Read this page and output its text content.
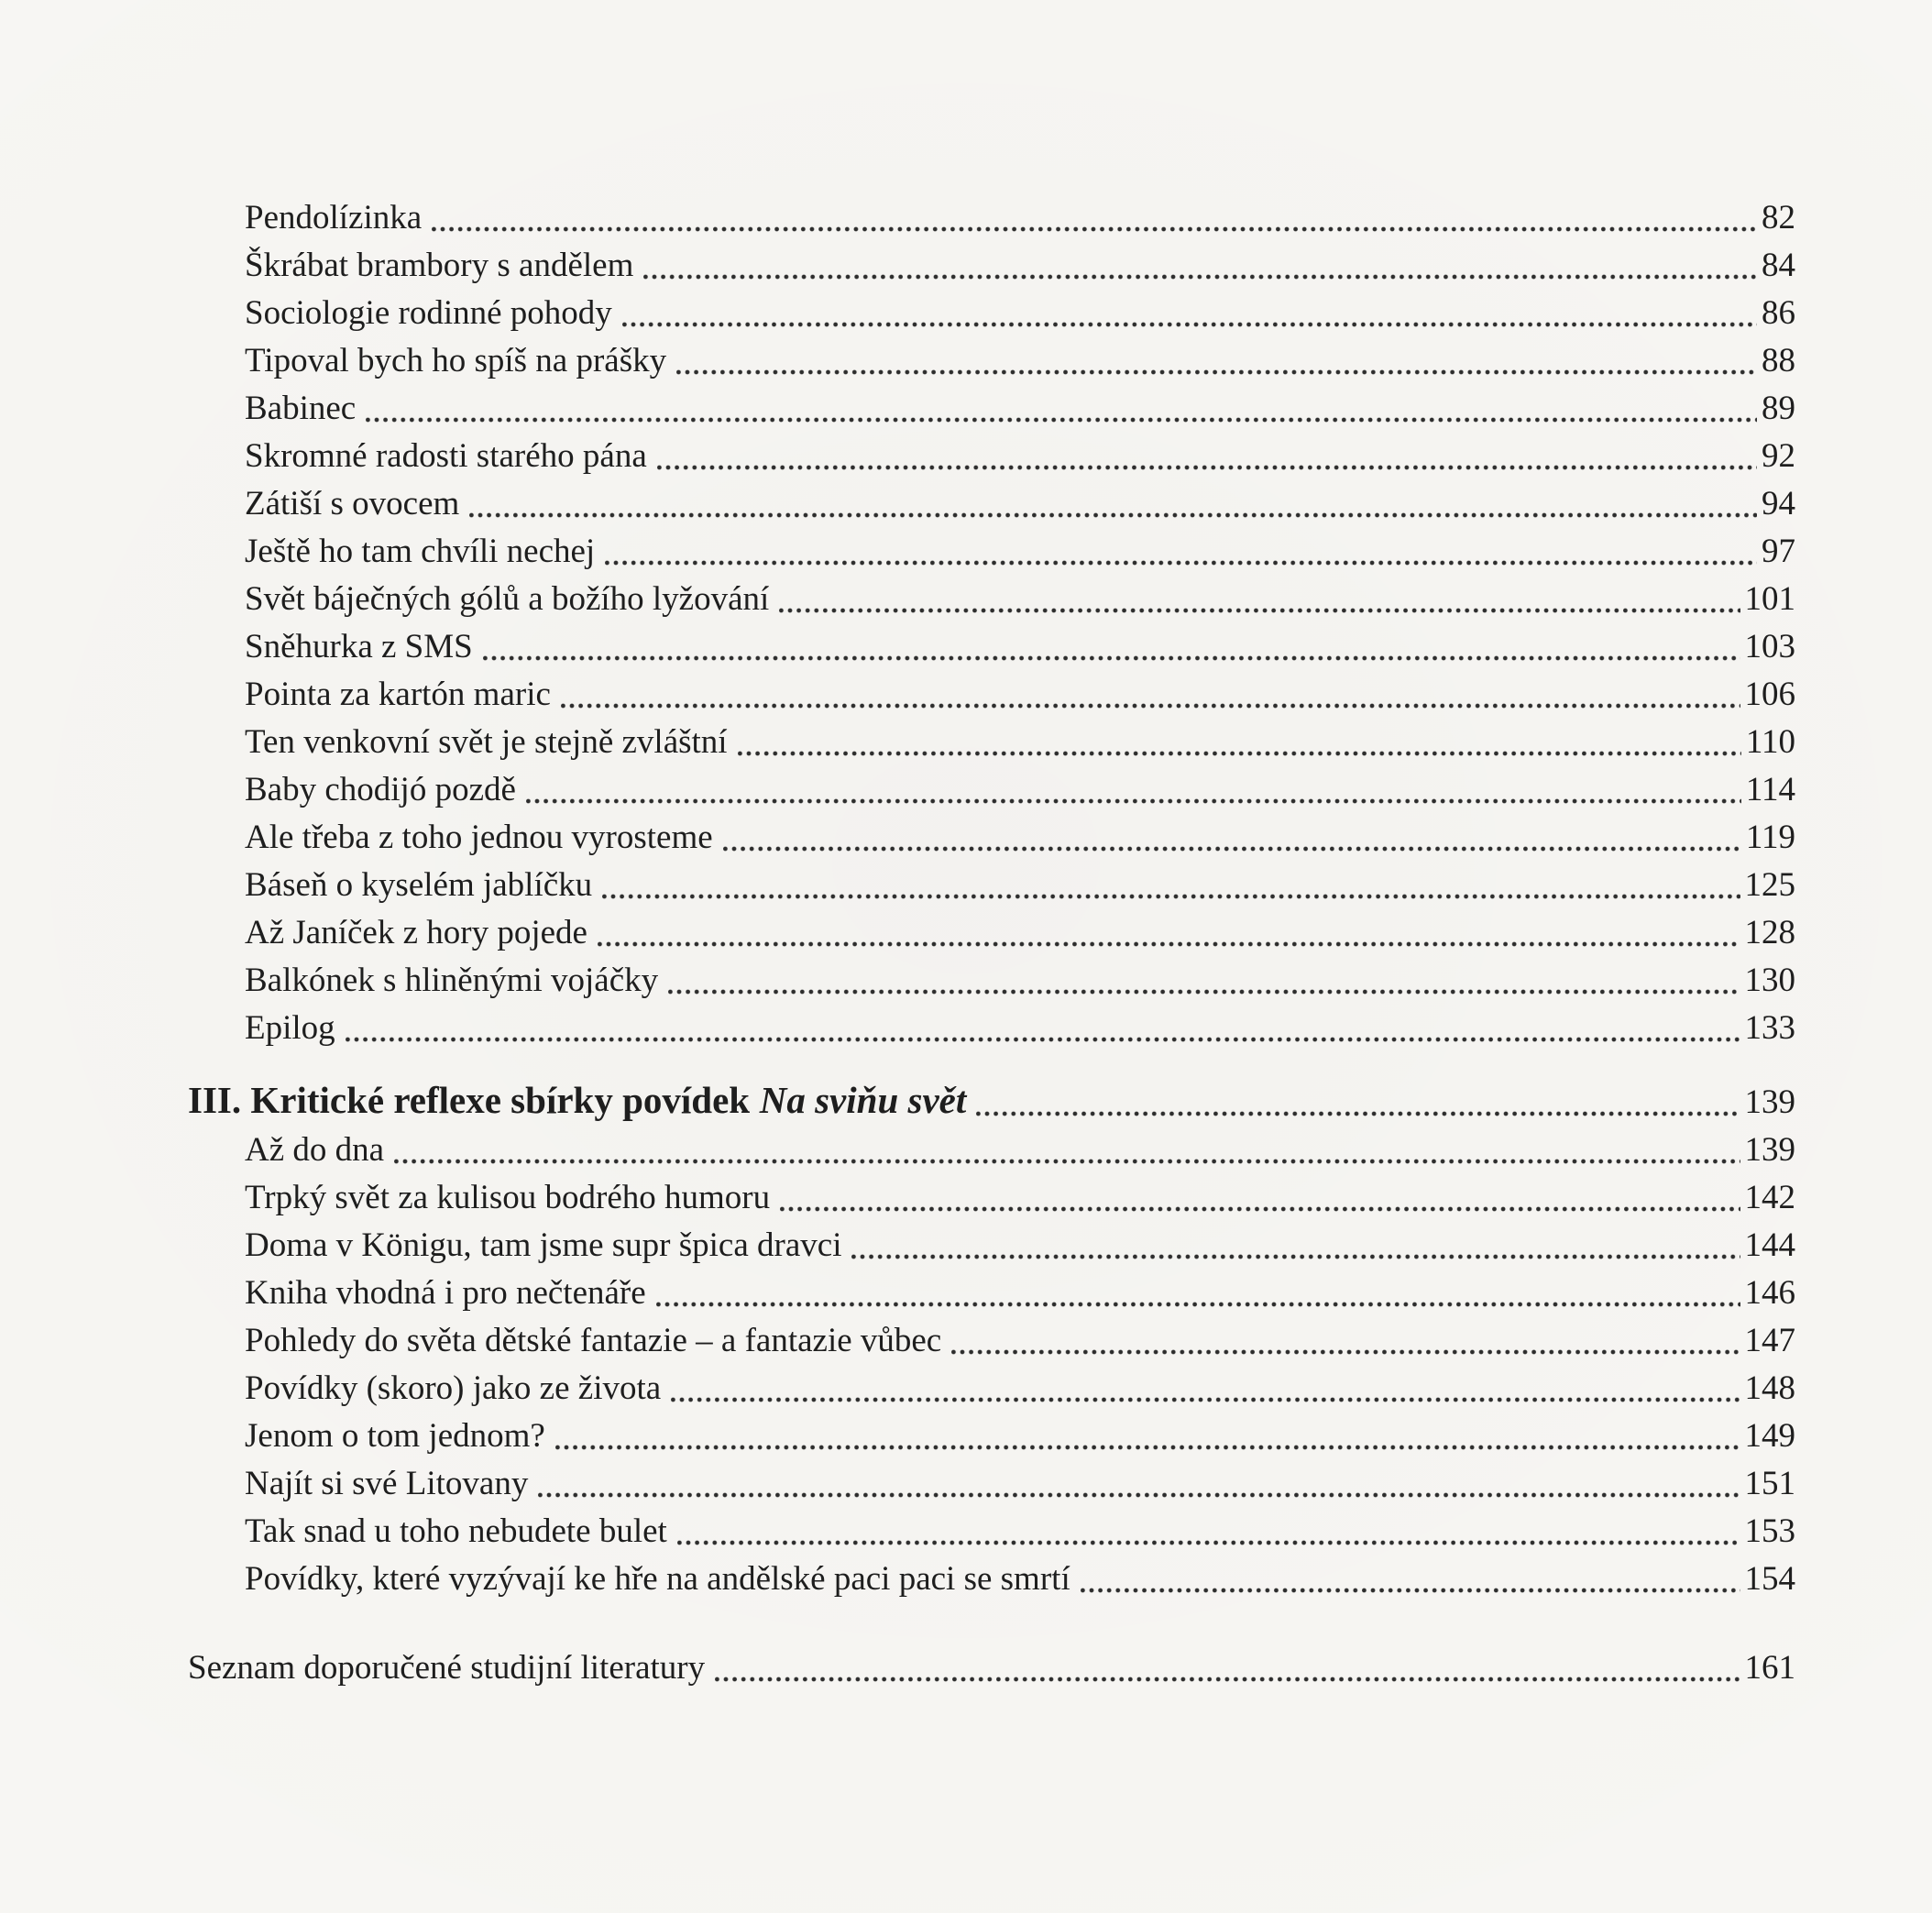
Pendolízinka	82
Škrábat brambory s andělem	84
Sociologie rodinné pohody	86
Tipoval bych ho spíš na prášky	88
Babinec	89
Skromné radosti starého pána	92
Zátiší s ovocem	94
Ještě ho tam chvíli nechej	97
Svět báječných gólů a božího lyžování	101
Sněhurka z SMS	103
Pointa za kartón maric	106
Ten venkovní svět je stejně zvláštní	110
Baby chodijó pozdě	114
Ale třeba z toho jednou vyrosteme	119
Báseň o kyselém jablíčku	125
Až Janíček z hory pojede	128
Balkónek s hliněnými vojáčky	130
Epilog	133
III. Kritické reflexe sbírky povídek Na sviňu svět	139
Až do dna	139
Trpký svět za kulisou bodrého humoru	142
Doma v Königu, tam jsme supr špica dravci	144
Kniha vhodná i pro nečtenáře	146
Pohledy do světa dětské fantazie – a fantazie vůbec	147
Povídky (skoro) jako ze života	148
Jenom o tom jednom?	149
Najít si své Litovany	151
Tak snad u toho nebudete bulet	153
Povídky, které vyzývají ke hře na andělské paci paci se smrtí	154
Seznam doporučené studijní literatury	161
